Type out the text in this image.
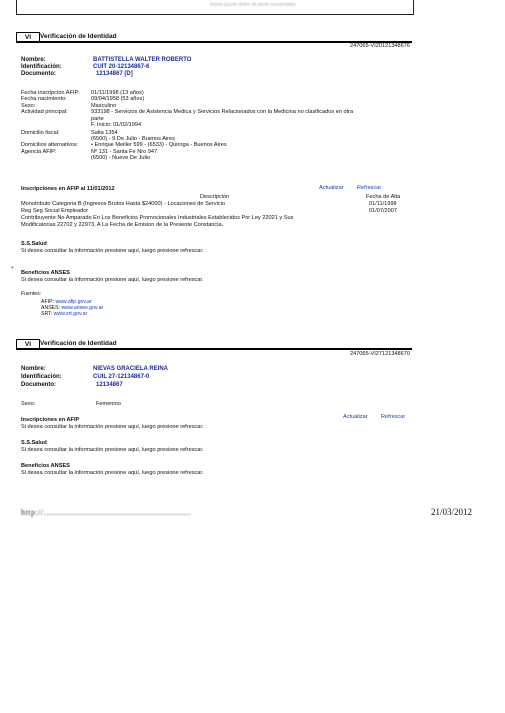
lorem ipsum dolor sit amet consectetur
VI	Verificación de Identidad
247065-VI20121348676
Nombre:	BATTISTELLA WALTER ROBERTO
Identificación:	CUIT 20-12134867-6
Documento:	12134867 [D]
Fecha inscripción AFIP:	01/11/1998 (13 años)
Fecha nacimiento:	09/04/1958 (53 años)
Sexo:	Masculino
Actividad principal:	933198 - Servicios de Asistencia Medica y Servicios Relacionados con la Medicina no clasificados en otra
parte
F. Inicio: 01/02/1994
Domicilio fiscal:	Salta 1354
(6500) - 9 De Julio - Buenos Aires
Domicilios alternativos:	• Enrique Meiller 599 - (6533) - Quiroga - Buenos Aires
Agencia AFIP:	Nº 131 - Santa Fe Nro 947
(6500) - Nueve De Julio
Inscripciones en AFIP al 11/01/2012	Actualizar Refrescar
Descripción	Fecha de Alta
Monotributo Categoria B (Ingresos Brutos Hasta $24000) - Locaciones de Servicio	01/11/1998
Reg Seg Social Empleador	01/07/2007
Contribuyente No Amparado En Los Beneficios Promocionales Industriales Establecidos Por Ley 22021 y Sus
Modificatorias 22702 y 22973, A La Fecha de Emision de la Presente Constancia.
S.S.Salud
Si desea consultar la información presione aquí, luego presione refrescar.
* Beneficios ANSES
Si desea consultar la información presione aquí, luego presione refrescar.
Fuentes:
AFIP: www.afip.gov.ar
ANSES: www.anses.gov.ar
SRT: www.srt.gov.ar
VI	Verificación de Identidad
247065-VI27121348670
Nombre:	NIEVAS GRACIELA REINA
Identificación:	CUIL 27-12134867-0
Documento:	12134867
Sexo:	Femenino
Actualizar Refrescar
Inscripciones en AFIP
Si desea consultar la información presione aquí, luego presione refrescar.
S.S.Salud
Si desea consultar la información presione aquí, luego presione refrescar.
Beneficios ANSES
Si desea consultar la información presione aquí, luego presione refrescar.
http://...........................................................	21/03/2012
